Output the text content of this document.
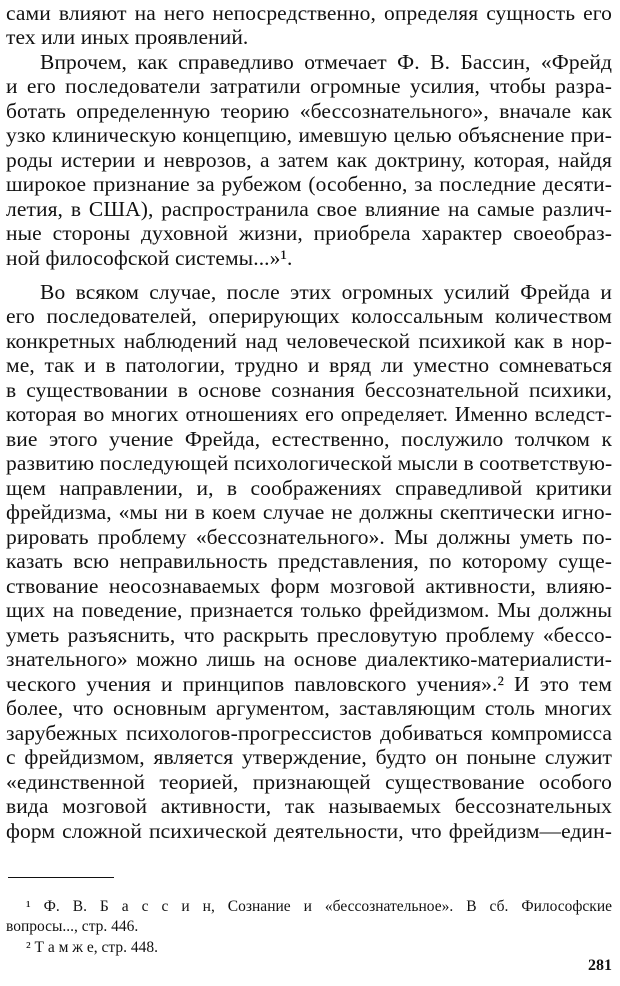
сами влияют на него непосредственно, определяя сущность его
тех или иных проявлений.
Впрочем, как справедливо отмечает Ф. В. Бассин, «Фрейд
и его последователи затратили огромные усилия, чтобы разра-
ботать определенную теорию «бессознательного», вначале как
узко клиническую концепцию, имевшую целью объяснение при-
роды истерии и неврозов, а затем как доктрину, которая, найдя
широкое признание за рубежом (особенно, за последние десяти-
летия, в США), распространила свое влияние на самые различ-
ные стороны духовной жизни, приобрела характер своеобраз-
ной философской системы...»¹.
Во всяком случае, после этих огромных усилий Фрейда и
его последователей, оперирующих колоссальным количеством
конкретных наблюдений над человеческой психикой как в нор-
ме, так и в патологии, трудно и вряд ли уместно сомневаться
в существовании в основе сознания бессознательной психики,
которая во многих отношениях его определяет. Именно вследст-
вие этого учение Фрейда, естественно, послужило толчком к
развитию последующей психологической мысли в соответствую-
щем направлении, и, в соображениях справедливой критики
фрейдизма, «мы ни в коем случае не должны скептически игно-
рировать проблему «бессознательного». Мы должны уметь по-
казать всю неправильность представления, по которому суще-
ствование неосознаваемых форм мозговой активности, влияю-
щих на поведение, признается только фрейдизмом. Мы должны
уметь разъяснить, что раскрыть пресловутую проблему «бессо-
знательного» можно лишь на основе диалектико-материалисти-
ческого учения и принципов павловского учения».² И это тем
более, что основным аргументом, заставляющим столь многих
зарубежных психологов-прогрессистов добиваться компромисса
с фрейдизмом, является утверждение, будто он поныне служит
«единственной теорией, признающей существование особого
вида мозговой активности, так называемых бессознательных
форм сложной психической деятельности, что фрейдизм—един-
¹ Ф. В. Б а с с и н, Сознание и «бессознательное». В сб. Философские
вопросы..., стр. 446.
² Т а м ж е, стр. 448.
281
